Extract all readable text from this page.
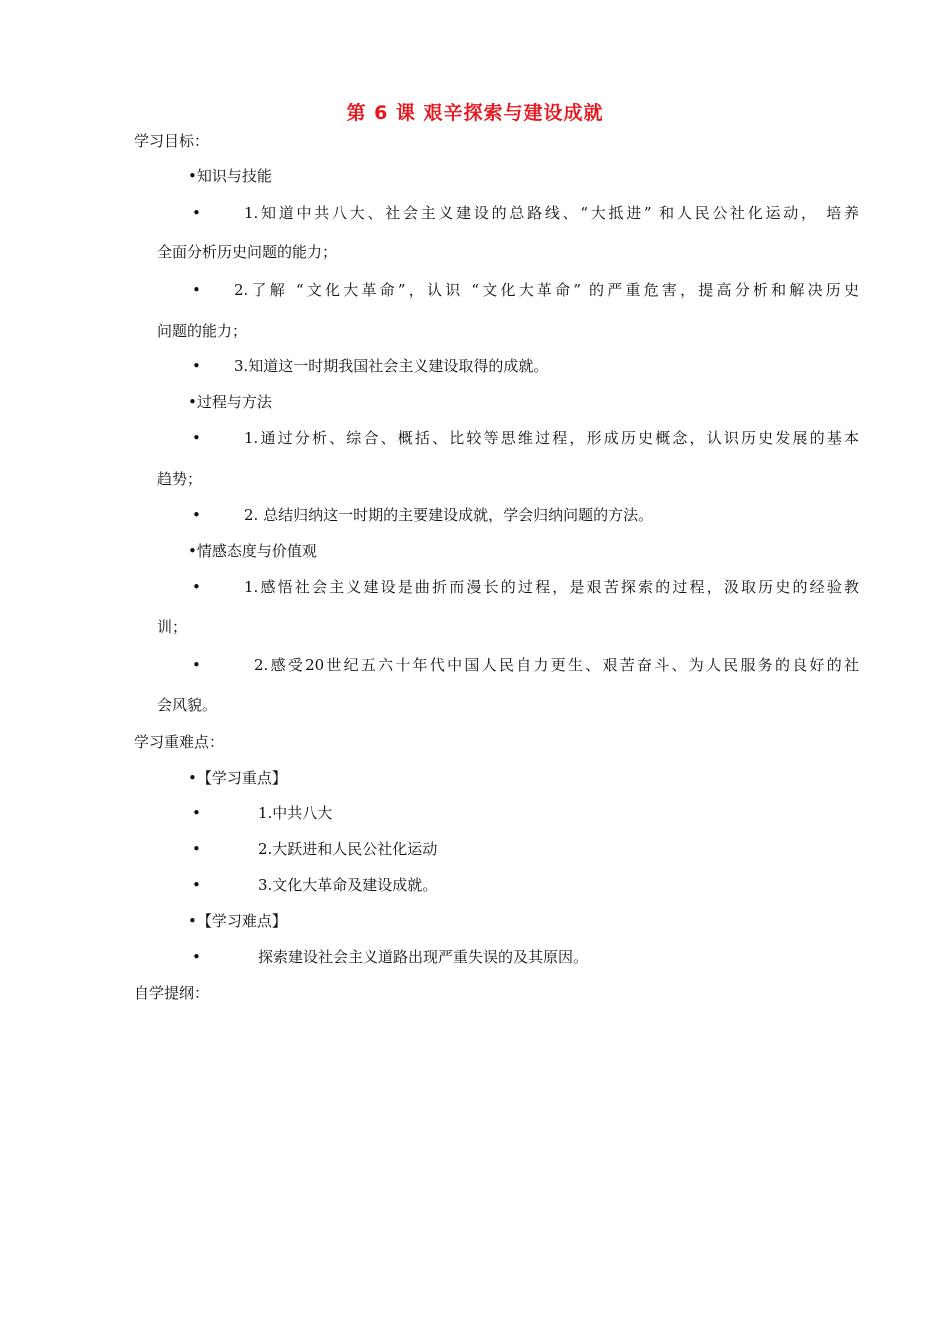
第 6 课 艰辛探索与建设成就
学习目标：
•知识与技能
•	1.知道中共八大、社会主义建设的总路线、“大抵进” 和人民公社化运动， 培养
全面分析历史问题的能力；
• 2.了解 “文化大革命”，认识 “文化大革命” 的严重危害，提高分析和解决历史
问题的能力；
• 3.知道这一时期我国社会主义建设取得的成就。
•过程与方法
•	1.通过分析、综合、概括、比较等思维过程，形成历史概念，认识历史发展的基本
趋势；
•	2. 总结归纳这一时期的主要建设成就，学会归纳问题的方法。
•情感态度与价值观
•	1.感悟社会主义建设是曲折而漫长的过程，是艰苦探索的过程，汲取历史的经验教
训；
•	2.感受20世纪五六十年代中国人民自力更生、艰苦奋斗、为人民服务的良好的社
会风貌。
学习重难点：
•【学习重点】
•	1.中共八大
•	2.大跃进和人民公社化运动
•	3.文化大革命及建设成就。
•【学习难点】
•	探索建设社会主义道路出现严重失误的及其原因。
自学提纲：
